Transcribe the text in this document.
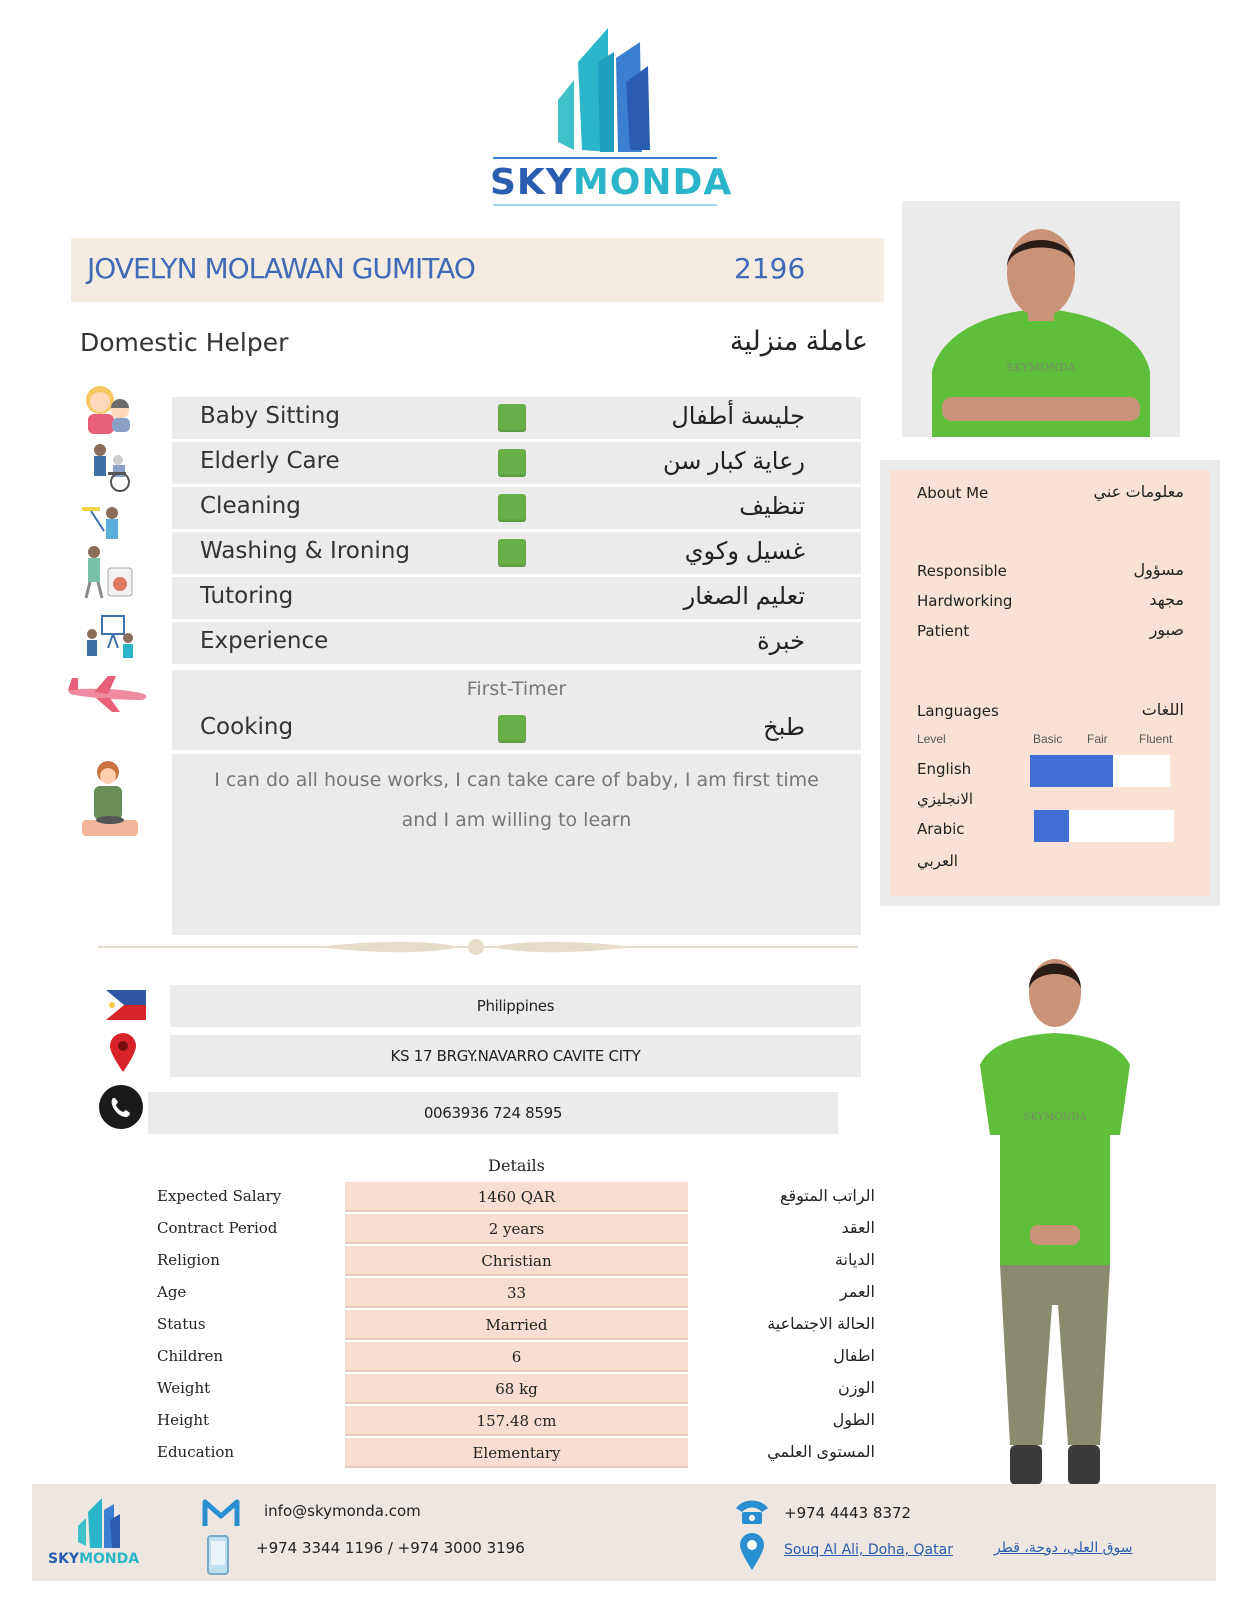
SKYMONDA
JOVELYN MOLAWAN GUMITAO	2196
Domestic Helper	عاملة منزلية
Baby Sitting	جليسة أطفال
Elderly Care	رعاية كبار سن
Cleaning	تنظيف
Washing & Ironing	غسيل وكوي
Tutoring	تعليم الصغار
Experience	خبرة
First-Timer
Cooking	طبخ
I can do all house works, I can take care of baby, I am first time
and I am willing to learn
SKYMONDA
About Me	معلومات عني
Responsible	مسؤول
Hardworking	مجهد
Patient	صبور
Languages	اللغات
Level	Basic Fair	Fluent
English
الانجليزي
Arabic
العربي
Philippines
KS 17 BRGY.NAVARRO CAVITE CITY
0063936 724 8595	SKYMONDA
Details
Expected Salary	1460 QAR	الراتب المتوقع
Contract Period	2 years	العقد
Religion	Christian	الديانة
Age	33	العمر
Status	Married	الحالة الاجتماعية
Children	6	اطفال
Weight	68 kg	الوزن
Height	157.48 cm	الطول
Education	Elementary	المستوى العلمي
SKYMONDA
info@skymonda.com
+974 3344 1196 / +974 3000 3196
+974 4443 8372
Souq Al Ali, Doha, Qatar	سوق العلي، دوحة، قطر
